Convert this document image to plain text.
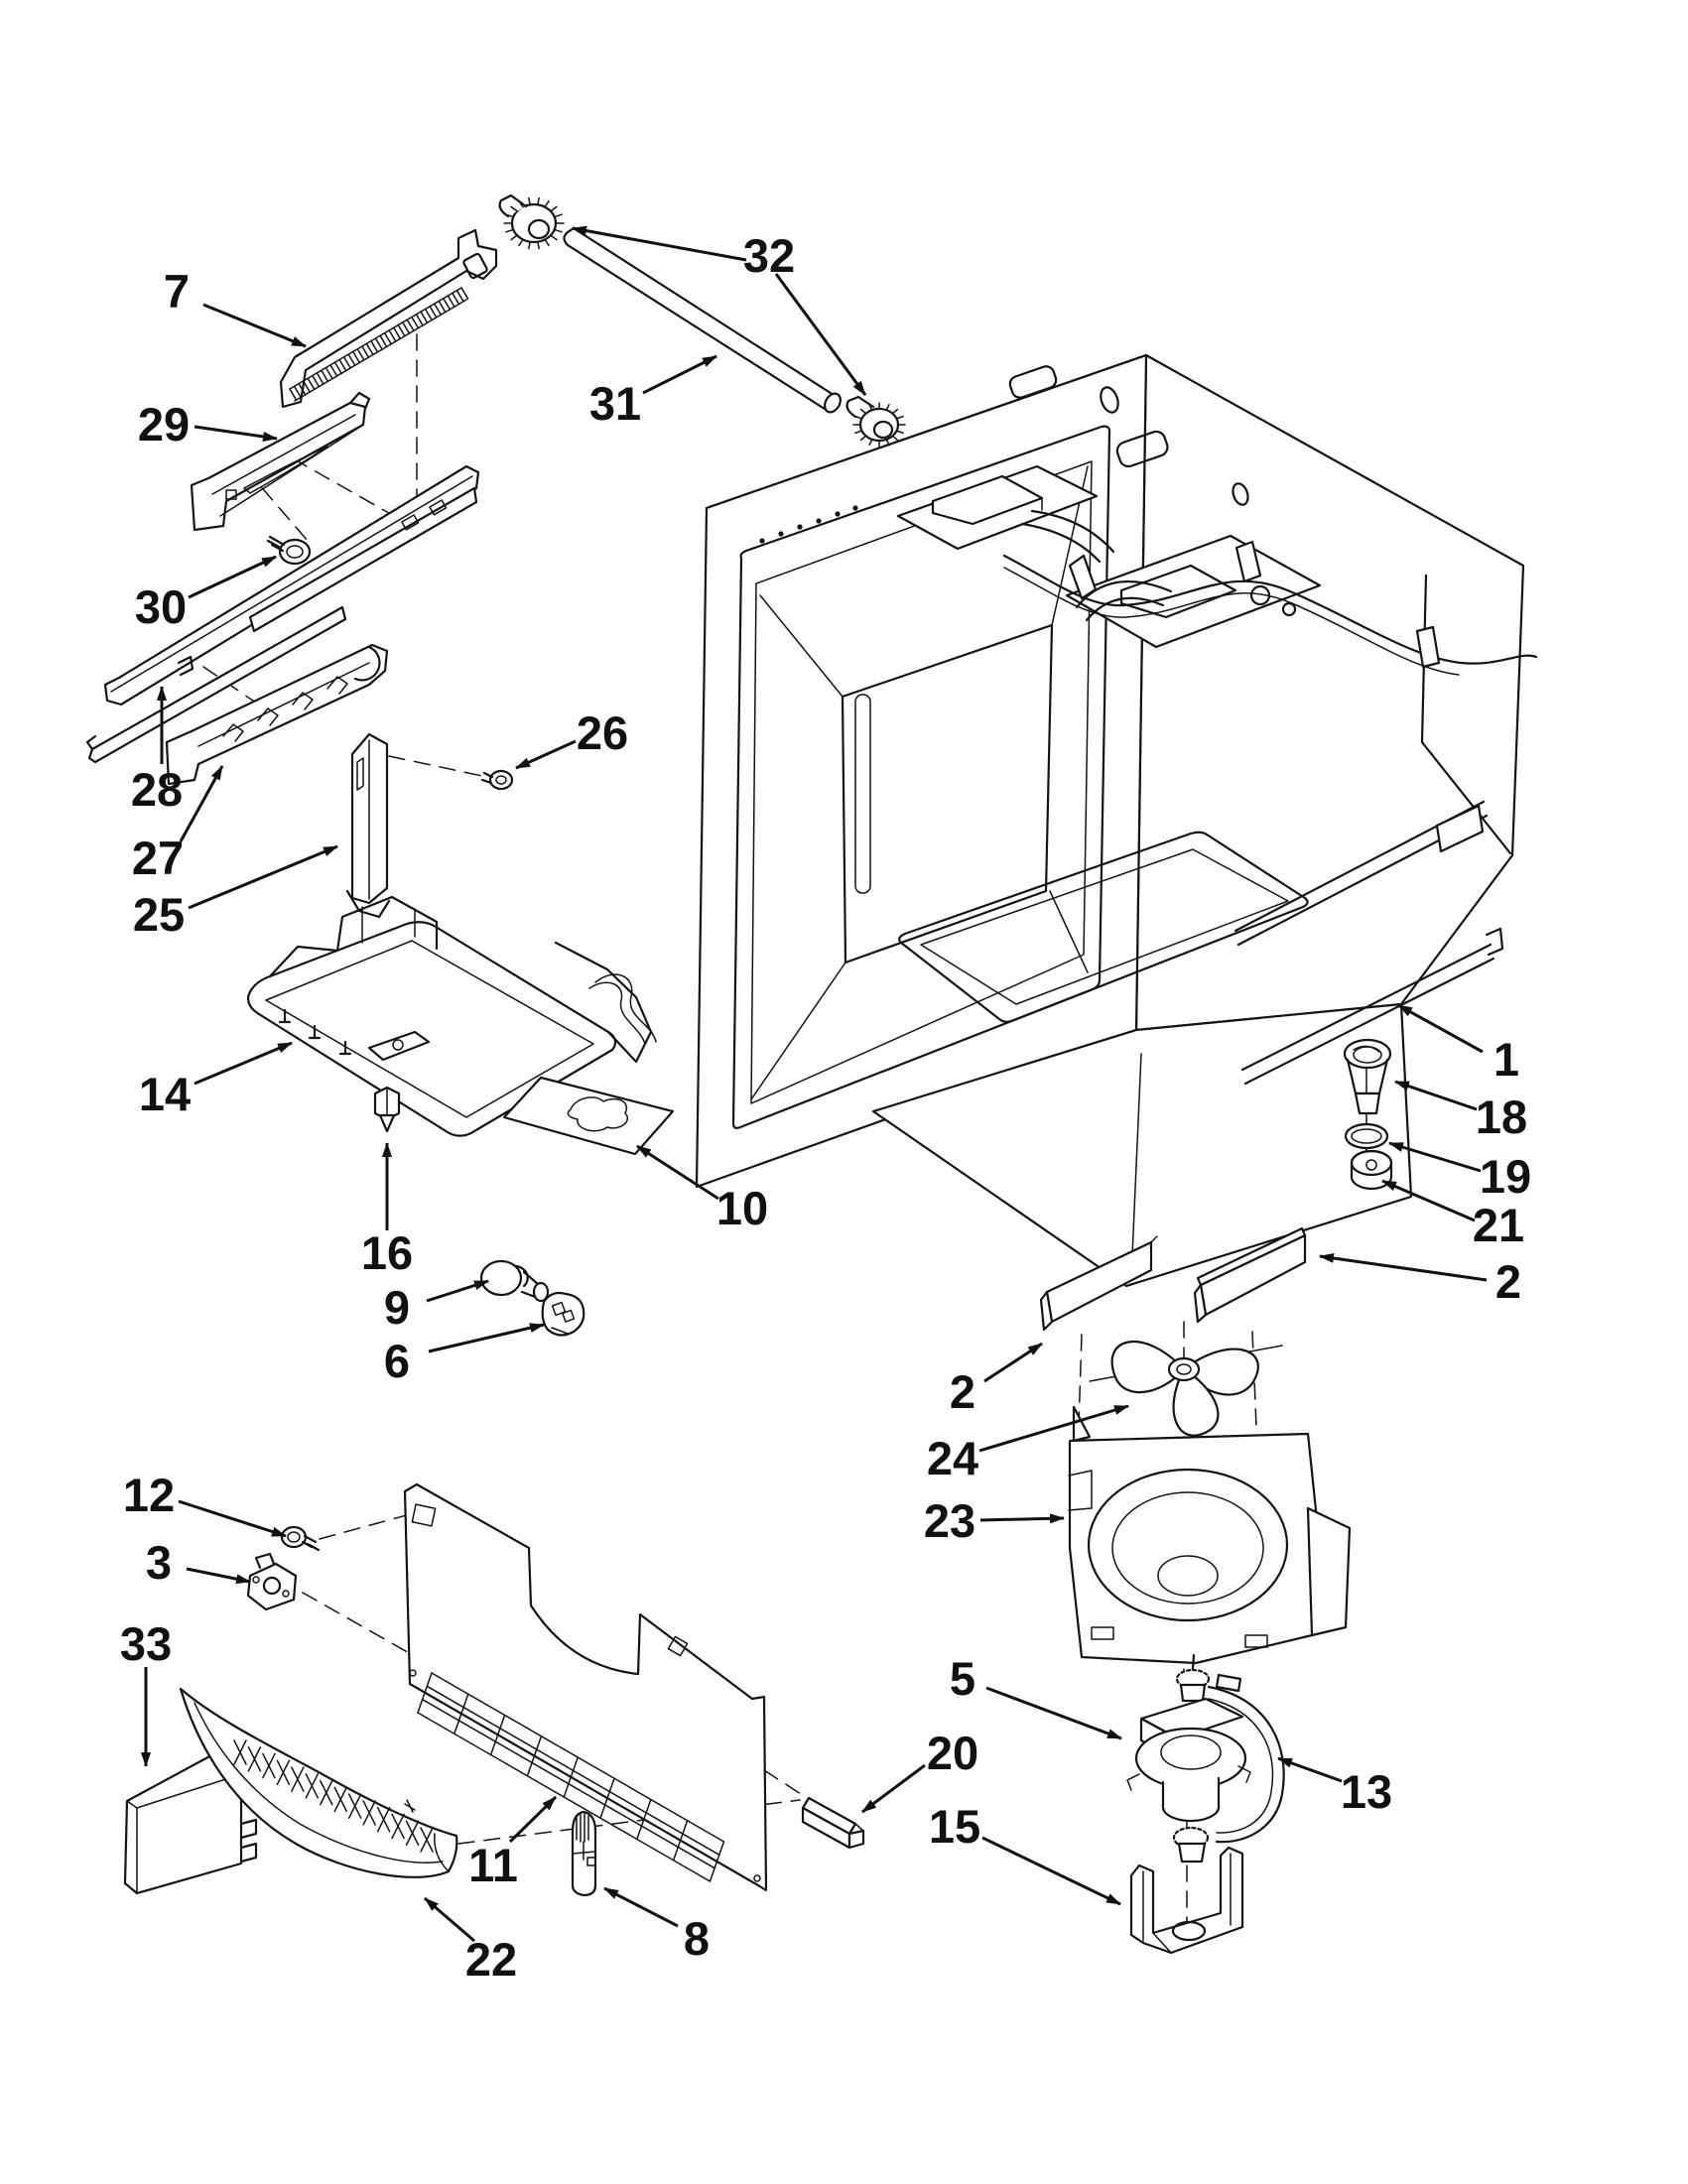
7
29
30
28
27
25
26
31
32
1
18
19
21
2
2
24
23
5
20
15
13
14
16
10
9
6
12
3
33
11
22	8
